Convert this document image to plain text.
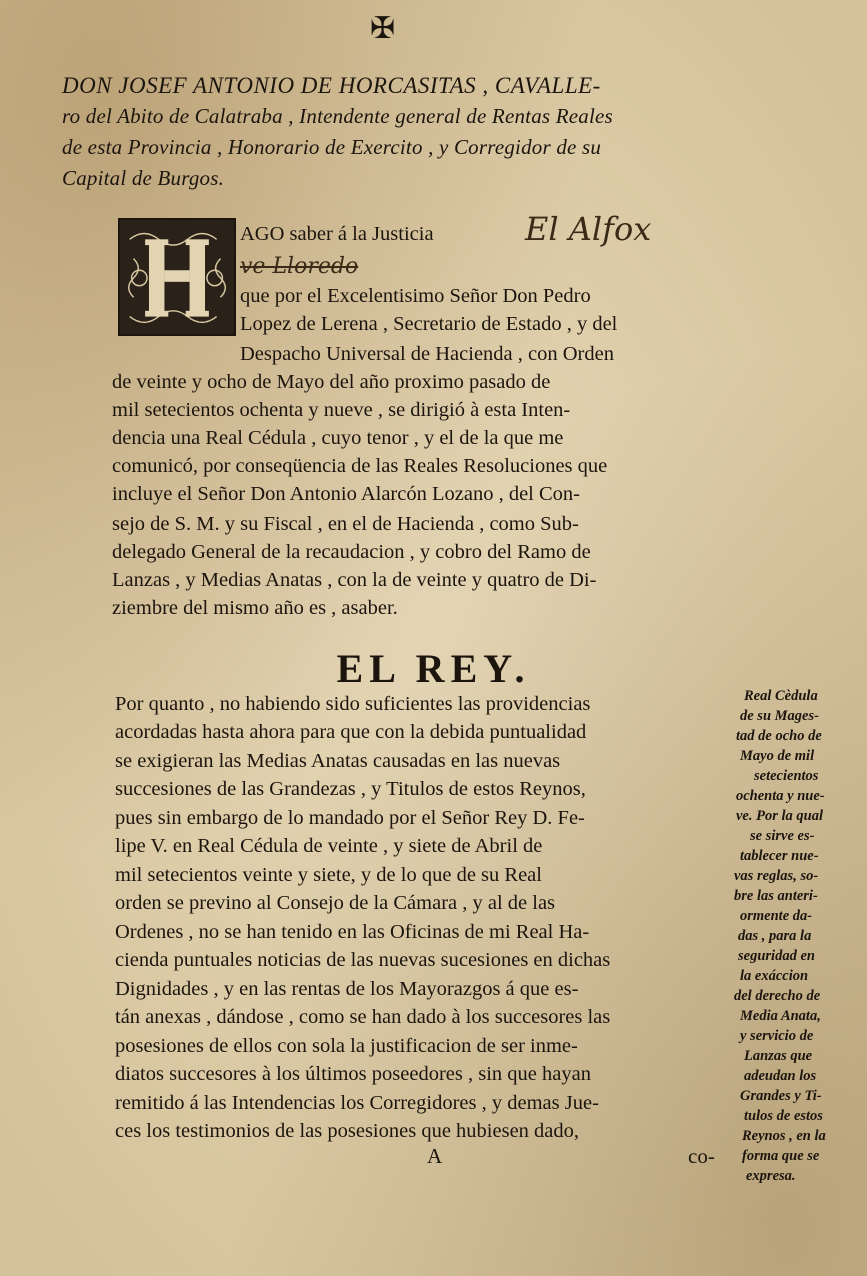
✠
DON JOSEF ANTONIO DE HORCASITAS , CAVALLE-
ro del Abito de Calatraba , Intendente general de Rentas Reales
de esta Provincia , Honorario de Exercito , y Corregidor de su
Capital de Burgos.
AGO saber á la Justicia	El Alfox
ve Lloredo
que por el Excelentisimo Señor Don Pedro
Lopez de Lerena , Secretario de Estado , y del
Despacho Universal de Hacienda , con Orden
de veinte y ocho de Mayo del año proximo pasado de
mil setecientos ochenta y nueve , se dirigió à esta Inten-
dencia una Real Cédula , cuyo tenor , y el de la que me
comunicó, por conseqüencia de las Reales Resoluciones que
incluye el Señor Don Antonio Alarcón Lozano , del Con-
sejo de S. M. y su Fiscal , en el de Hacienda , como Sub-
delegado General de la recaudacion , y cobro del Ramo de
Lanzas , y Medias Anatas , con la de veinte y quatro de Di-
ziembre del mismo año es , asaber.
EL REY.
Por quanto , no habiendo sido suficientes las providencias
acordadas hasta ahora para que con la debida puntualidad
se exigieran las Medias Anatas causadas en las nuevas
succesiones de las Grandezas , y Titulos de estos Reynos,
pues sin embargo de lo mandado por el Señor Rey D. Fe-
lipe V. en Real Cédula de veinte , y siete de Abril de
mil setecientos veinte y siete, y de lo que de su Real
orden se previno al Consejo de la Cámara , y al de las
Ordenes , no se han tenido en las Oficinas de mi Real Ha-
cienda puntuales noticias de las nuevas sucesiones en dichas
Dignidades , y en las rentas de los Mayorazgos á que es-
tán anexas , dándose , como se han dado à los succesores las
posesiones de ellos con sola la justificacion de ser inme-
diatos succesores à los últimos poseedores , sin que hayan
remitido á las Intendencias los Corregidores , y demas Jue-
ces los testimonios de las posesiones que hubiesen dado,
A	co-
Real Cèdula
de su Mages-
tad de ocho de
Mayo de mil
setecientos
ochenta y nue-
ve. Por la qual
se sirve es-
tablecer nue-
vas reglas, so-
bre las anteri-
ormente da-
das , para la
seguridad en
la exáccion
del derecho de
Media Anata,
y servicio de
Lanzas que
adeudan los
Grandes y Ti-
tulos de estos
Reynos , en la
forma que se
expresa.
